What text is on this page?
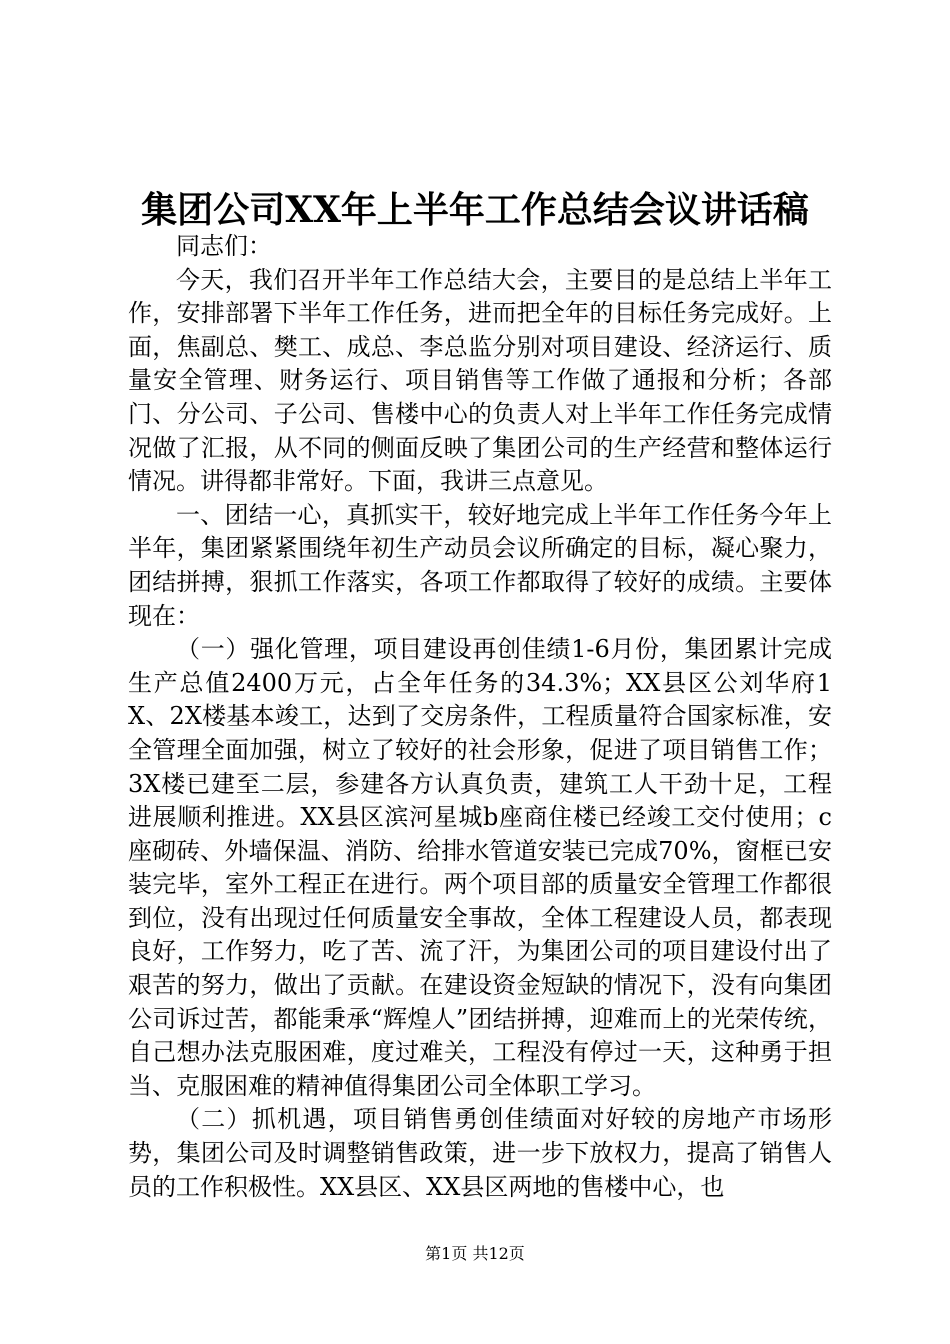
集团公司XX年上半年工作总结会议讲话稿

同志们：

今天，我们召开半年工作总结大会，主要目的是总结上半年工作，安排部署下半年工作任务，进而把全年的目标任务完成好。上面，焦副总、樊工、成总、李总监分别对项目建设、经济运行、质量安全管理、财务运行、项目销售等工作做了通报和分析；各部门、分公司、子公司、售楼中心的负责人对上半年工作任务完成情况做了汇报，从不同的侧面反映了集团公司的生产经营和整体运行情况。讲得都非常好。下面，我讲三点意见。

一、团结一心，真抓实干，较好地完成上半年工作任务今年上半年，集团紧紧围绕年初生产动员会议所确定的目标，凝心聚力，团结拼搏，狠抓工作落实，各项工作都取得了较好的成绩。主要体现在：

（一）强化管理，项目建设再创佳绩1-6月份，集团累计完成生产总值2400万元，占全年任务的34.3%；XX县区公刘华府1X、2X楼基本竣工，达到了交房条件，工程质量符合国家标准，安全管理全面加强，树立了较好的社会形象，促进了项目销售工作；3X楼已建至二层，参建各方认真负责，建筑工人干劲十足，工程进展顺利推进。XX县区滨河星城b座商住楼已经竣工交付使用；c座砌砖、外墙保温、消防、给排水管道安装已完成70%，窗框已安装完毕，室外工程正在进行。两个项目部的质量安全管理工作都很到位，没有出现过任何质量安全事故，全体工程建设人员，都表现良好，工作努力，吃了苦、流了汗，为集团公司的项目建设付出了艰苦的努力，做出了贡献。在建设资金短缺的情况下，没有向集团公司诉过苦，都能秉承“辉煌人”团结拼搏，迎难而上的光荣传统，自己想办法克服困难，度过难关，工程没有停过一天，这种勇于担当、克服困难的精神值得集团公司全体职工学习。

（二）抓机遇，项目销售勇创佳绩面对好较的房地产市场形势，集团公司及时调整销售政策，进一步下放权力，提高了销售人员的工作积极性。XX县区、XX县区两地的售楼中心，也

第1页 共12页
